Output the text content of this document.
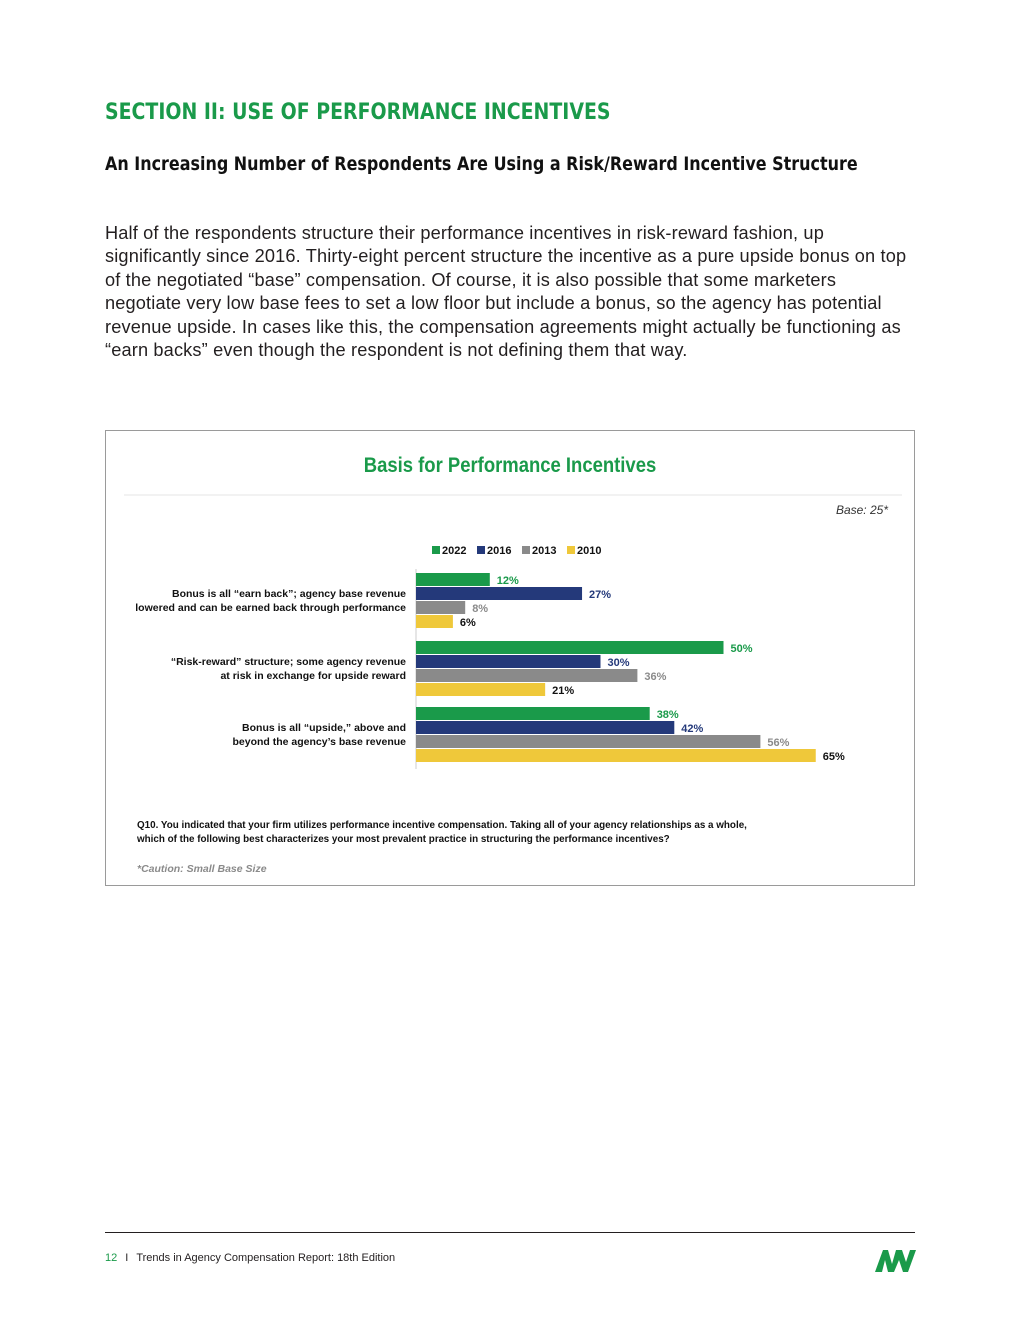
SECTION II: USE OF PERFORMANCE INCENTIVES
An Increasing Number of Respondents Are Using a Risk/Reward Incentive Structure

Half of the respondents structure their performance incentives in risk-reward fashion, up significantly since 2016. Thirty-eight percent structure the incentive as a pure upside bonus on top of the negotiated “base” compensation. Of course, it is also possible that some marketers negotiate very low base fees to set a low floor but include a bonus, so the agency has potential revenue upside. In cases like this, the compensation agreements might actually be functioning as “earn backs” even though the respondent is not defining them that way.

Basis for Performance Incentives
Base: 25*
2022 2016 2013 2010
Bonus is all “earn back”; agency base revenue
lowered and can be earned back through performance
12%
27%
8%
6%
“Risk-reward” structure; some agency revenue
at risk in exchange for upside reward
50%
30%
36%
21%
Bonus is all “upside,” above and
beyond the agency’s base revenue
38%
42%
56%
65%
Q10. You indicated that your firm utilizes performance incentive compensation. Taking all of your agency relationships as a whole,
which of the following best characterizes your most prevalent practice in structuring the performance incentives?
*Caution: Small Base Size
12 I Trends in Agency Compensation Report: 18th Edition
